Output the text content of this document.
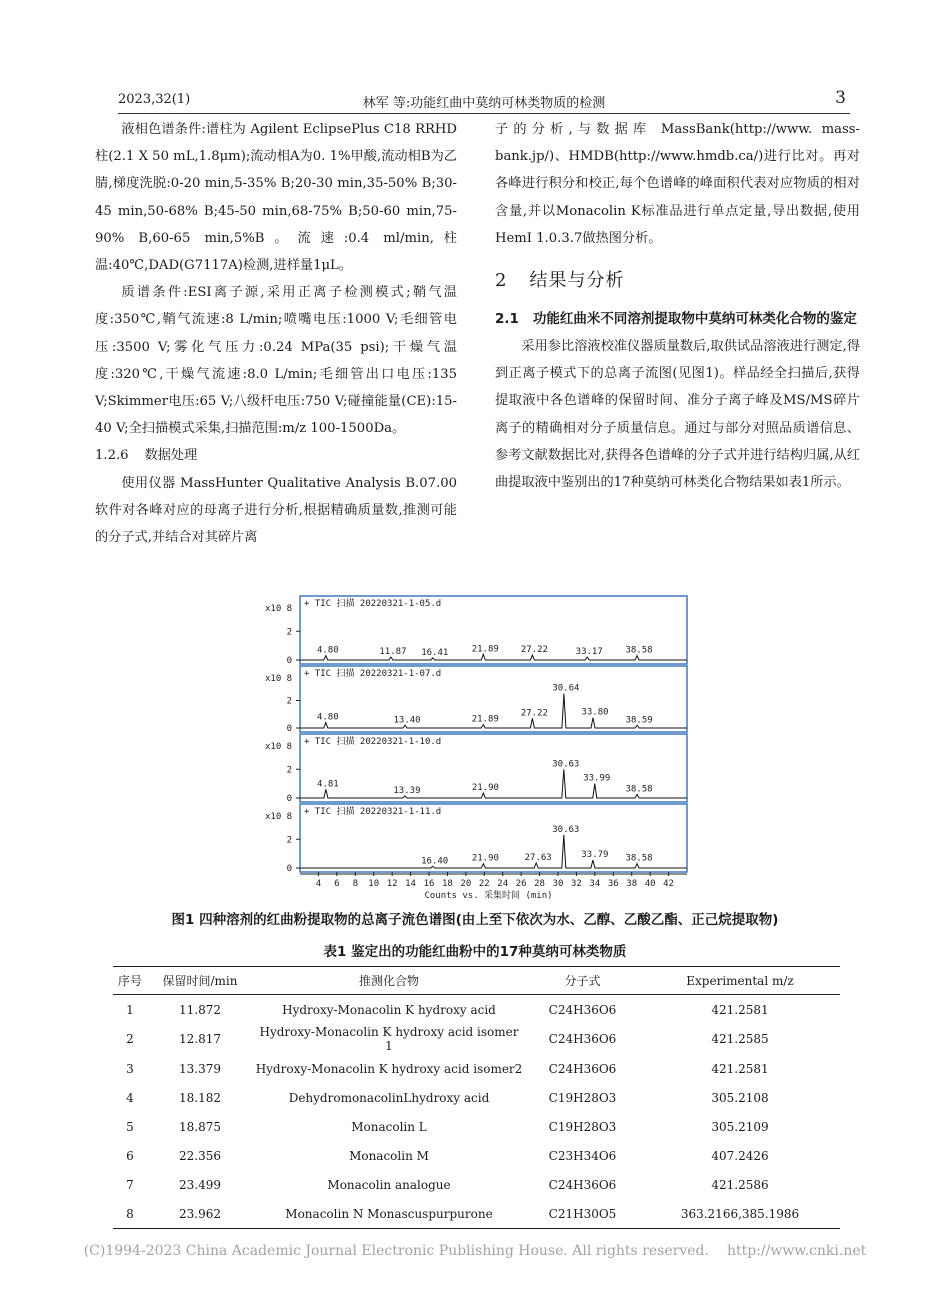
2023,32(1)	林军 等:功能红曲中莫纳可林类物质的检测	3

液相色谱条件:谱柱为 Agilent EclipsePlus C18 RRHD柱(2.1 X 50 mL,1.8μm);流动相A为0. 1%甲酸,流动相B为乙腈,梯度洗脱:0-20 min,5-35% B;20-30 min,35-50% B;30-45 min,50-68% B;45-50 min,68-75% B;50-60 min,75-90% B,60-65 min,5%B。流速:0.4 ml/min,柱温:40℃,DAD(G7117A)检测,进样量1μL。

质谱条件:ESI离子源,采用正离子检测模式;鞘气温度:350℃,鞘气流速:8 L/min;喷嘴电压:1000 V;毛细管电压:3500 V;雾化气压力:0.24 MPa(35 psi);干燥气温度:320℃,干燥气流速:8.0 L/min;毛细管出口电压:135 V;Skimmer电压:65 V;八级杆电压:750 V;碰撞能量(CE):15-40 V;全扫描模式采集,扫描范围:m/z 100-1500Da。

1.2.6 数据处理

使用仪器 MassHunter Qualitative Analysis B.07.00软件对各峰对应的母离子进行分析,根据精确质量数,推测可能的分子式,并结合对其碎片离

子的分析,与数据库 MassBank(http://www. mass-bank.jp/)、HMDB(http://www.hmdb.ca/)进行比对。再对各峰进行积分和校正,每个色谱峰的峰面积代表对应物质的相对含量,并以Monacolin K标准品进行单点定量,导出数据,使用HemI 1.0.3.7做热图分析。

2 结果与分析
2.1 功能红曲米不同溶剂提取物中莫纳可林类化合物的鉴定

采用参比溶液校准仪器质量数后,取供试品溶液进行测定,得到正离子模式下的总离子流图(见图1)。样品经全扫描后,获得提取液中各色谱峰的保留时间、准分子离子峰及MS/MS碎片离子的精确相对分子质量信息。通过与部分对照品质谱信息、参考文献数据比对,获得各色谱峰的分子式并进行结构归属,从红曲提取液中鉴别出的17种莫纳可林类化合物结果如表1所示。

+ TIC 扫描 20220321-1-05.d
x10 8
2
0
4.80	11.87 16.41	21.89 27.22	33.17	38.58
+ TIC 扫描 20220321-1-07.d
x10 8
2
0
4.80	13.40	21.89
27.22
30.64
33.80
38.59
+ TIC 扫描 20220321-1-10.d
x10 8
2
0
4.81
13.39	21.90
30.63
33.99
38.58
+ TIC 扫描 20220321-1-11.d
x10 8
2
0
16.40	21.90	27.63
30.63
33.79 38.58
4 6 8 10 12 14 16 18 20 22 24 26 28 30 32 34 36 38 40 42
Counts vs. 采集时间 (min)
图1 四种溶剂的红曲粉提取物的总离子流色谱图(由上至下依次为水、乙醇、乙酸乙酯、正己烷提取物)
表1 鉴定出的功能红曲粉中的17种莫纳可林类物质
序号	保留时间/min	推测化合物	分子式	Experimental m/z
1	11.872	Hydroxy-Monacolin K hydroxy acid	C24H36O6	421.2581
2	12.817	Hydroxy-Monacolin K hydroxy acid isomer 1	C24H36O6	421.2585
3	13.379	Hydroxy-Monacolin K hydroxy acid isomer2	C24H36O6	421.2581
4	18.182	DehydromonacolinLhydroxy acid	C19H28O3	305.2108
5	18.875	Monacolin L	C19H28O3	305.2109
6	22.356	Monacolin M	C23H34O6	407.2426
7	23.499	Monacolin analogue	C24H36O6	421.2586
8	23.962	Monacolin N Monascuspurpurone	C21H30O5	363.2166,385.1986
(C)1994-2023 China Academic Journal Electronic Publishing House. All rights reserved. http://www.cnki.net
